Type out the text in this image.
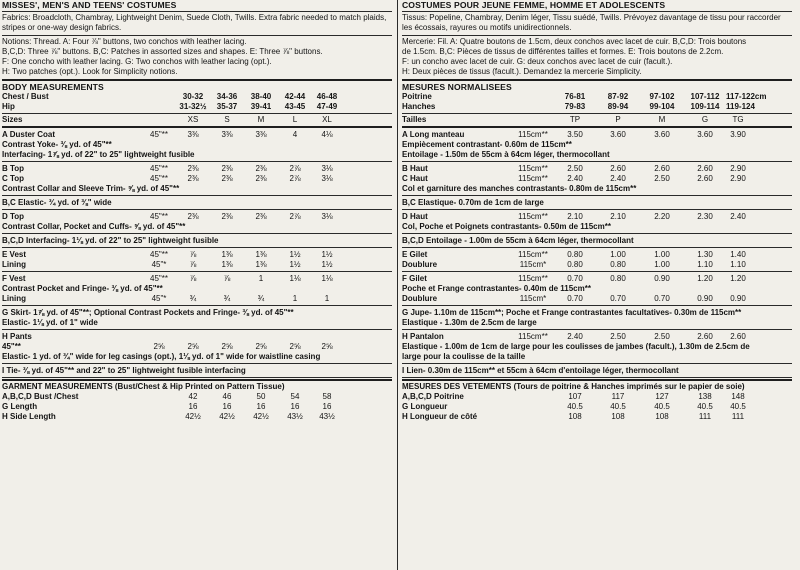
MISSES', MEN'S AND TEENS' COSTUMES
Fabrics: Broadcloth, Chambray, Lightweight Denim, Suede Cloth, Twills. Extra fabric needed to match plaids, stripes or one-way design fabrics.
Notions: Thread. A: Four ⅞" buttons, two conchos with leather lacing.
B,C,D: Three ⅞" buttons. B,C: Patches in assorted sizes and shapes. E: Three ⅞" buttons.
F: One concho with leather lacing. G: Two conchos with leather lacing (opt.).
H: Two patches (opt.). Look for Simplicity notions.
BODY MEASUREMENTS
Chest / Bust	30-32	34-36	38-40	42-44	46-48
Hip	31-32½	35-37	39-41	43-45	47-49
Sizes	XS	S	M	L	XL
A Duster Coat	45"**	3⅜	3⅜	3⅜	4	4⅛
Contrast Yoke- ⅜ yd. of 45"**
Interfacing- 1⅞ yd. of 22" to 25" lightweight fusible
B Top	45"**	2⅜	2⅜	2⅜	2⅞	3⅛
C Top	45"**	2⅜	2⅜	2⅜	2⅞	3⅛
Contrast Collar and Sleeve Trim- ⅝ yd. of 45"**
B,C Elastic- ¾ yd. of ⅜" wide
D Top	45"**	2⅜	2⅜	2⅜	2⅞	3⅛
Contrast Collar, Pocket and Cuffs- ⅝ yd. of 45"**
B,C,D Interfacing- 1⅛ yd. of 22" to 25" lightweight fusible
E Vest	45"**	⅞	1⅜	1⅜	1½	1½
Lining	45"*	⅞	1⅜	1⅜	1½	1½
F Vest	45"**	⅞	⅞	1	1⅛	1⅛
Contrast Pocket and Fringe- ⅜ yd. of 45"**
Lining	45"*	¾	¾	¾	1	1
G Skirt- 1⅞ yd. of 45"**; Optional Contrast Pockets and Fringe- ⅜ yd. of 45"**
Elastic- 1⅛ yd. of 1" wide
H Pants
45"**	2⅝	2⅝	2⅝	2⅝	2⅝	2⅝
Elastic- 1 yd. of ¾" wide for leg casings (opt.), 1⅛ yd. of 1" wide for waistline casing
I Tie- ⅜ yd. of 45"** and 22" to 25" lightweight fusible interfacing
GARMENT MEASUREMENTS (Bust/Chest & Hip Printed on Pattern Tissue)
A,B,C,D Bust /Chest	42	46	50	54	58
G Length	16	16	16	16	16
H Side Length	42½	42½	42½	43½	43½
COSTUMES POUR JEUNE FEMME, HOMME ET ADOLESCENTS
Tissus: Popeline, Chambray, Denim léger, Tissu suédé, Twills. Prévoyez davantage de tissu pour raccorder les écossais, rayures ou motifs unidirectionnels.
Mercerie: Fil. A: Quatre boutons de 1.5cm, deux conchos avec lacet de cuir. B,C,D: Trois boutons
de 1.5cm. B,C: Pièces de tissus de différentes tailles et formes. E: Trois boutons de 2.2cm.
F: un concho avec lacet de cuir. G: deux conchos avec lacet de cuir (facult.).
H: Deux pièces de tissus (facult.). Demandez la mercerie Simplicity.
MESURES NORMALISEES
Poitrine	76-81	87-92	97-102	107-112 117-122cm
Hanches	79-83	89-94	99-104	109-114 119-124
Tailles	TP	P	M	G	TG
A Long manteau	115cm**	3.50	3.60	3.60	3.60	3.90
Empiècement contrastant- 0.60m de 115cm**
Entoilage - 1.50m de 55cm à 64cm léger, thermocollant
B Haut	115cm**	2.50	2.60	2.60	2.60	2.90
C Haut	115cm**	2.40	2.40	2.50	2.60	2.90
Col et garniture des manches contrastants- 0.80m de 115cm**
B,C Elastique- 0.70m de 1cm de large
D Haut	115cm**	2.10	2.10	2.20	2.30	2.40
Col, Poche et Poignets contrastants- 0.50m de 115cm**
B,C,D Entoilage - 1.00m de 55cm à 64cm léger, thermocollant
E Gilet	115cm**	0.80	1.00	1.00	1.30	1.40
Doublure	115cm*	0.80	0.80	1.00	1.10	1.10
F Gilet	115cm**	0.70	0.80	0.90	1.20	1.20
Poche et Frange contrastantes- 0.40m de 115cm**
Doublure	115cm*	0.70	0.70	0.70	0.90	0.90
G Jupe- 1.10m de 115cm**; Poche et Frange contrastantes facultatives- 0.30m de 115cm**
Elastique - 1.30m de 2.5cm de large
H Pantalon	115cm**	2.40	2.50	2.50	2.60	2.60
Elastique - 1.00m de 1cm de large pour les coulisses de jambes (facult.), 1.30m de 2.5cm de
large pour la coulisse de la taille
I Lien- 0.30m de 115cm** et 55cm à 64cm d'entoilage léger, thermocollant
MESURES DES VETEMENTS (Tours de poitrine & Hanches imprimés sur le papier de soie)
A,B,C,D Poitrine	107	117	127	138	148
G Longueur	40.5	40.5	40.5	40.5	40.5
H Longueur de côté	108	108	108	111	111
